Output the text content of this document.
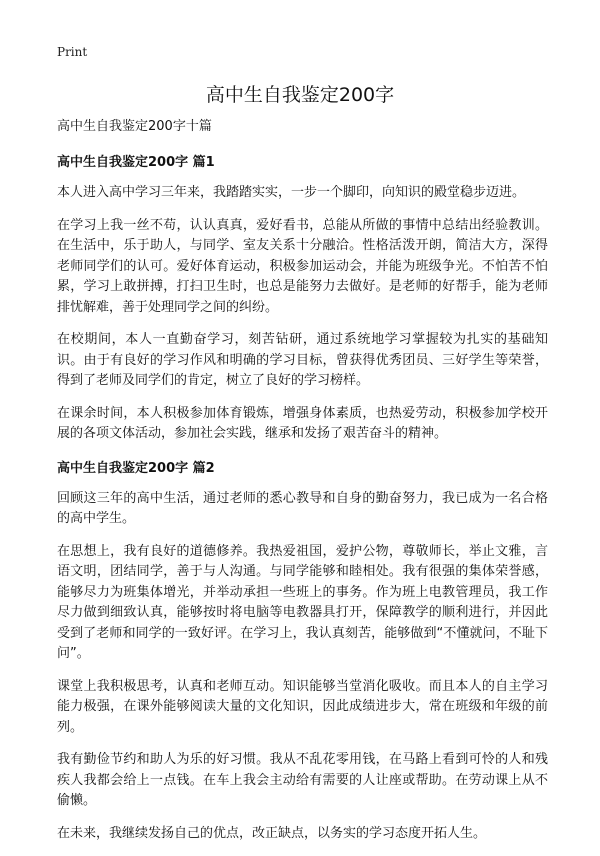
Print
高中生自我鉴定200字

高中生自我鉴定200字十篇

高中生自我鉴定200字 篇1

本人进入高中学习三年来，我踏踏实实，一步一个脚印，向知识的殿堂稳步迈进。

在学习上我一丝不苟，认认真真，爱好看书，总能从所做的事情中总结出经验教训。在生活中，乐于助人，与同学、室友关系十分融洽。性格活泼开朗，简洁大方，深得老师同学们的认可。爱好体育运动，积极参加运动会，并能为班级争光。不怕苦不怕累，学习上敢拼搏，打扫卫生时，也总是能努力去做好。是老师的好帮手，能为老师排忧解难，善于处理同学之间的纠纷。

在校期间，本人一直勤奋学习，刻苦钻研，通过系统地学习掌握较为扎实的基础知识。由于有良好的学习作风和明确的学习目标，曾获得优秀团员、三好学生等荣誉，得到了老师及同学们的肯定，树立了良好的学习榜样。

在课余时间，本人积极参加体育锻炼，增强身体素质，也热爱劳动，积极参加学校开展的各项文体活动，参加社会实践，继承和发扬了艰苦奋斗的精神。

高中生自我鉴定200字 篇2

回顾这三年的高中生活，通过老师的悉心教导和自身的勤奋努力，我已成为一名合格的高中学生。

在思想上，我有良好的道德修养。我热爱祖国，爱护公物，尊敬师长，举止文雅，言语文明，团结同学，善于与人沟通。与同学能够和睦相处。我有很强的集体荣誉感，能够尽力为班集体增光，并举动承担一些班上的事务。作为班上电教管理员，我工作尽力做到细致认真，能够按时将电脑等电教器具打开，保障教学的顺利进行，并因此受到了老师和同学的一致好评。在学习上，我认真刻苦，能够做到“不懂就问，不耻下问”。

课堂上我积极思考，认真和老师互动。知识能够当堂消化吸收。而且本人的自主学习能力极强，在课外能够阅读大量的文化知识，因此成绩进步大，常在班级和年级的前列。

我有勤俭节约和助人为乐的好习惯。我从不乱花零用钱，在马路上看到可怜的人和残疾人我都会给上一点钱。在车上我会主动给有需要的人让座或帮助。在劳动课上从不偷懒。

在未来，我继续发扬自己的优点，改正缺点，以务实的学习态度开拓人生。
